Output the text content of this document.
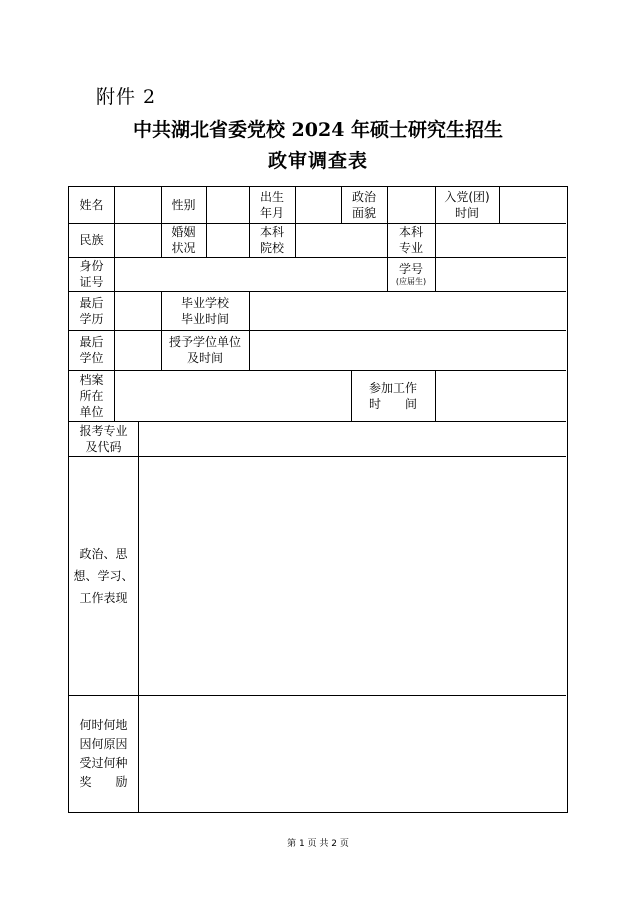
附件 2
中共湖北省委党校 2024 年硕士研究生招生
政审调查表
姓名	性别
出生
年月
政治
面貌
入党(团)
时间
民族
婚姻
状况
本科
院校
本科
专业
身份
证号
学号
(应届生)
最后
学历
毕业学校
毕业时间
最后
学位
授予学位单位
及时间
档案
所在
单位
参加工作
时　　间
报考专业
及代码
政治、思
想、学习、
工作表现
何时何地
因何原因
受过何种
奖　　励
第 1 页 共 2 页
